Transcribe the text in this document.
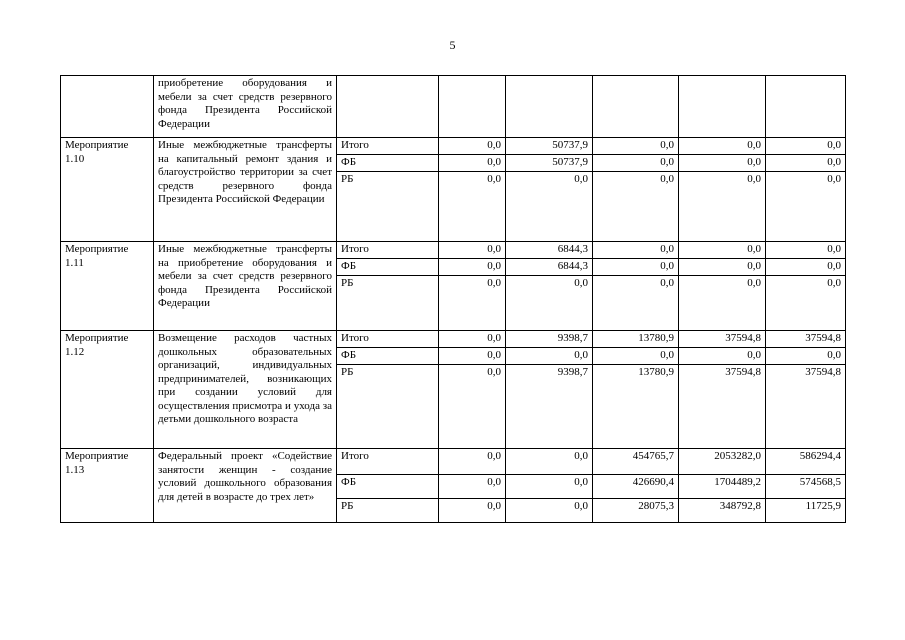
5
	приобретение оборудования и мебели за счет средств резервного фонда Президента Российской Федерации						
Мероприятие 1.10	Иные межбюджетные трансферты на капитальный ремонт здания и благоустройство территории за счет средств резервного фонда Президента Российской Федерации	Итого	0,0	50737,9	0,0	0,0	0,0
		ФБ	0,0	50737,9	0,0	0,0	0,0
		РБ	0,0	0,0	0,0	0,0	0,0
Мероприятие 1.11	Иные межбюджетные трансферты на приобретение оборудования и мебели за счет средств резервного фонда Президента Российской Федерации	Итого	0,0	6844,3	0,0	0,0	0,0
		ФБ	0,0	6844,3	0,0	0,0	0,0
		РБ	0,0	0,0	0,0	0,0	0,0
Мероприятие 1.12	Возмещение расходов частных дошкольных образовательных организаций, индивидуальных предпринимателей, возникающих при создании условий для осуществления присмотра и ухода за детьми дошкольного возраста	Итого	0,0	9398,7	13780,9	37594,8	37594,8
		ФБ	0,0	0,0	0,0	0,0	0,0
		РБ	0,0	9398,7	13780,9	37594,8	37594,8
Мероприятие 1.13	Федеральный проект «Содействие занятости женщин - создание условий дошкольного образования для детей в возрасте до трех лет»	Итого	0,0	0,0	454765,7	2053282,0	586294,4
		ФБ	0,0	0,0	426690,4	1704489,2	574568,5
		РБ	0,0	0,0	28075,3	348792,8	11725,9
